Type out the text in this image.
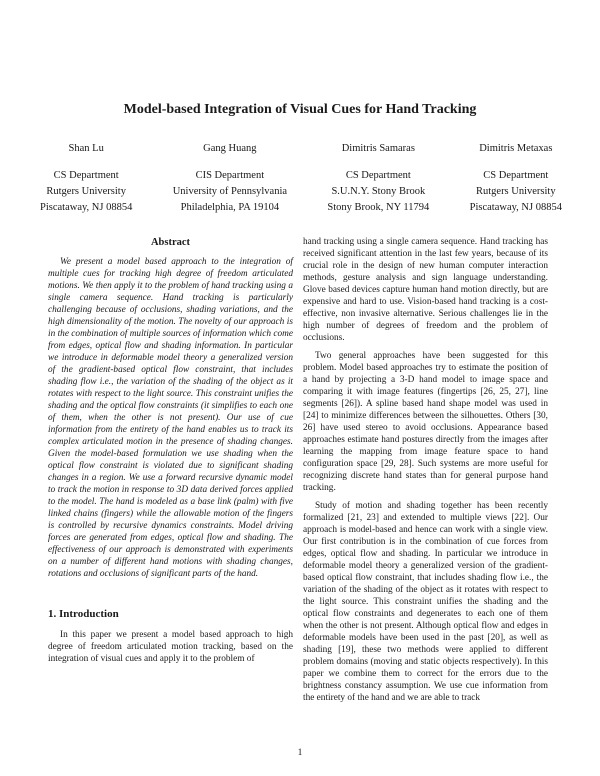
Model-based Integration of Visual Cues for Hand Tracking
Shan Lu
CS Department
Rutgers University
Piscataway, NJ 08854
Gang Huang
CIS Department
University of Pennsylvania
Philadelphia, PA 19104
Dimitris Samaras
CS Department
S.U.N.Y. Stony Brook
Stony Brook, NY 11794
Dimitris Metaxas
CS Department
Rutgers University
Piscataway, NJ 08854
Abstract

We present a model based approach to the integration of multiple cues for tracking high degree of freedom articulated motions. We then apply it to the problem of hand tracking using a single camera sequence. Hand tracking is particularly challenging because of occlusions, shading variations, and the high dimensionality of the motion. The novelty of our approach is in the combination of multiple sources of information which come from edges, optical flow and shading information. In particular we introduce in deformable model theory a generalized version of the gradient-based optical flow constraint, that includes shading flow i.e., the variation of the shading of the object as it rotates with respect to the light source. This constraint unifies the shading and the optical flow constraints (it simplifies to each one of them, when the other is not present). Our use of cue information from the entirety of the hand enables us to track its complex articulated motion in the presence of shading changes. Given the model-based formulation we use shading when the optical flow constraint is violated due to significant shading changes in a region. We use a forward recursive dynamic model to track the motion in response to 3D data derived forces applied to the model. The hand is modeled as a base link (palm) with five linked chains (fingers) while the allowable motion of the fingers is controlled by recursive dynamics constraints. Model driving forces are generated from edges, optical flow and shading. The effectiveness of our approach is demonstrated with experiments on a number of different hand motions with shading changes, rotations and occlusions of significant parts of the hand.

1. Introduction

In this paper we present a model based approach to high degree of freedom articulated motion tracking, based on the integration of visual cues and apply it to the problem of

hand tracking using a single camera sequence. Hand tracking has received significant attention in the last few years, because of its crucial role in the design of new human computer interaction methods, gesture analysis and sign language understanding. Glove based devices capture human hand motion directly, but are expensive and hard to use. Vision-based hand tracking is a cost-effective, non invasive alternative. Serious challenges lie in the high number of degrees of freedom and the problem of occlusions.

Two general approaches have been suggested for this problem. Model based approaches try to estimate the position of a hand by projecting a 3-D hand model to image space and comparing it with image features (fingertips [26, 25, 27], line segments [26]). A spline based hand shape model was used in [24] to minimize differences between the silhouettes. Others [30, 26] have used stereo to avoid occlusions. Appearance based approaches estimate hand postures directly from the images after learning the mapping from image feature space to hand configuration space [29, 28]. Such systems are more useful for recognizing discrete hand states than for general purpose hand tracking.

Study of motion and shading together has been recently formalized [21, 23] and extended to multiple views [22]. Our approach is model-based and hence can work with a single view. Our first contribution is in the combination of cue forces from edges, optical flow and shading. In particular we introduce in deformable model theory a generalized version of the gradient-based optical flow constraint, that includes shading flow i.e., the variation of the shading of the object as it rotates with respect to the light source. This constraint unifies the shading and the optical flow constraints and degenerates to each one of them when the other is not present. Although optical flow and edges in deformable models have been used in the past [20], as well as shading [19], these two methods were applied to different problem domains (moving and static objects respectively). In this paper we combine them to correct for the errors due to the brightness constancy assumption. We use cue information from the entirety of the hand and we are able to track

1
